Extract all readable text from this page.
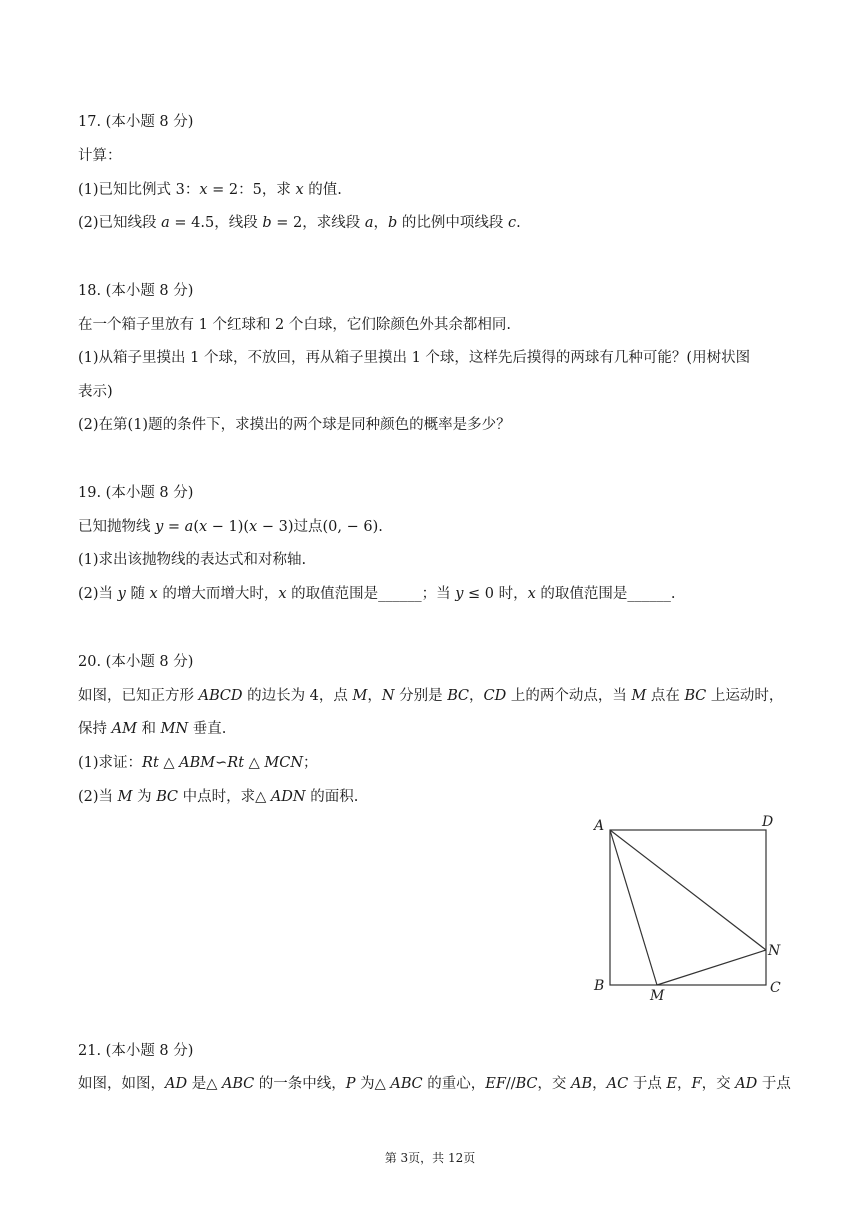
17. (本小题 8 分)
计算：
(1)已知比例式 3：𝑥 = 2：5，求 𝑥 的值.
(2)已知线段 𝑎 = 4.5，线段 𝑏 = 2，求线段 𝑎，𝑏 的比例中项线段 𝑐.
18. (本小题 8 分)
在一个箱子里放有 1 个红球和 2 个白球，它们除颜色外其余都相同.
(1)从箱子里摸出 1 个球，不放回，再从箱子里摸出 1 个球，这样先后摸得的两球有几种可能？(用树状图
表示)
(2)在第(1)题的条件下，求摸出的两个球是同种颜色的概率是多少？
19. (本小题 8 分)
已知抛物线 𝑦 = 𝑎(𝑥 − 1)(𝑥 − 3)过点(0, − 6).
(1)求出该抛物线的表达式和对称轴.
(2)当 𝑦 随 𝑥 的增大而增大时，𝑥 的取值范围是______；当 𝑦 ≤ 0 时，𝑥 的取值范围是______.
20. (本小题 8 分)
如图，已知正方形 𝐴𝐵𝐶𝐷 的边长为 4，点 𝑀，𝑁 分别是 𝐵𝐶，𝐶𝐷 上的两个动点，当 𝑀 点在 𝐵𝐶 上运动时，
保持 𝐴𝑀 和 𝑀𝑁 垂直.
(1)求证：𝑅𝑡 △ 𝐴𝐵𝑀∽𝑅𝑡 △ 𝑀𝐶𝑁；
(2)当 𝑀 为 𝐵𝐶 中点时，求△ 𝐴𝐷𝑁 的面积.
A	D
N
B
M	C
21. (本小题 8 分)
如图，如图，𝐴𝐷 是△ 𝐴𝐵𝐶 的一条中线，𝑃 为△ 𝐴𝐵𝐶 的重心，𝐸𝐹//𝐵𝐶，交 𝐴𝐵，𝐴𝐶 于点 𝐸，𝐹，交 𝐴𝐷 于点
第 3页，共 12页
